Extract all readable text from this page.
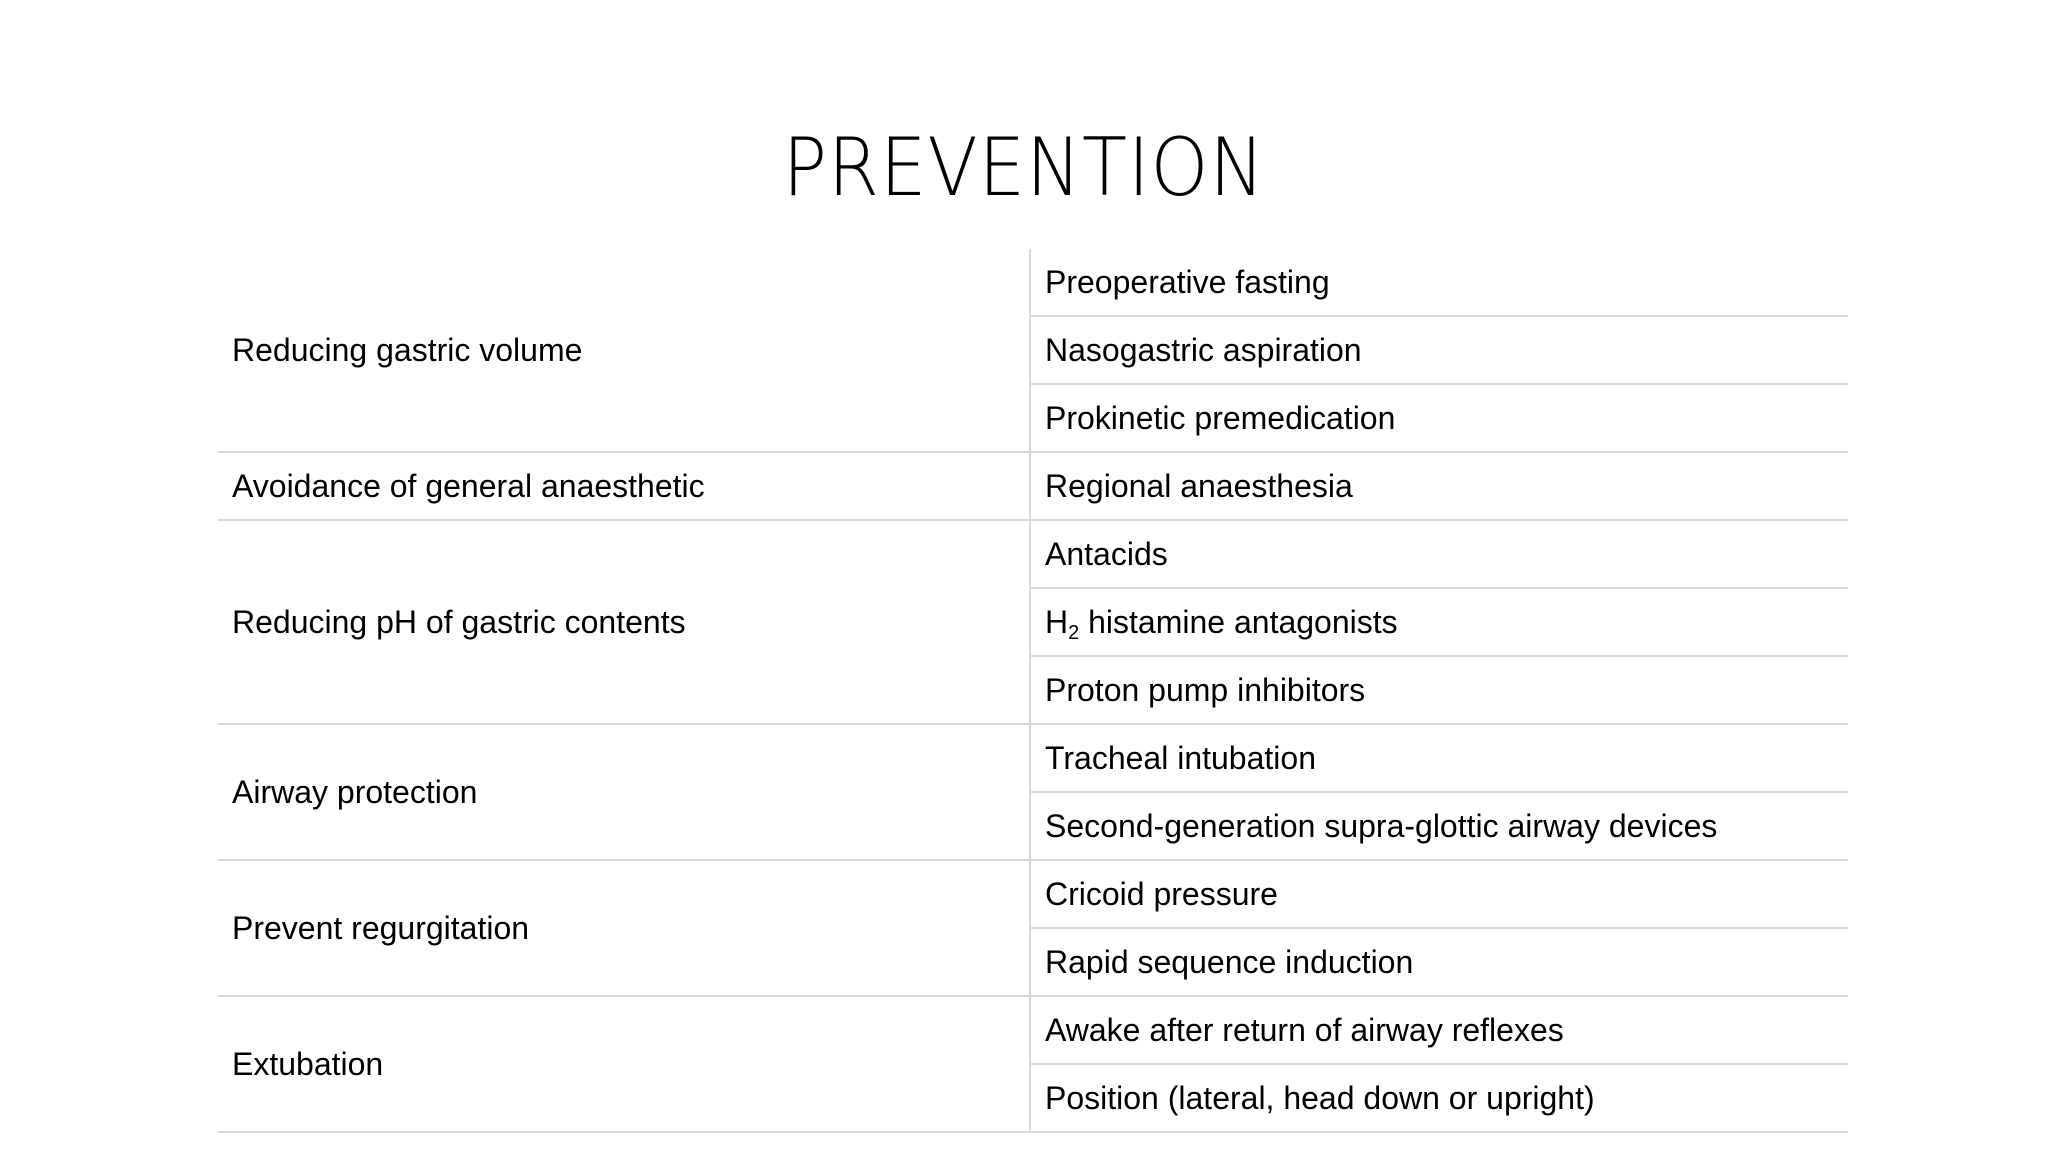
PREVENTION
Reducing gastric volume	Preoperative fasting
	Nasogastric aspiration
	Prokinetic premedication
Avoidance of general anaesthetic	Regional anaesthesia
Reducing pH of gastric contents	Antacids
	$H_2$ histamine antagonists
	Proton pump inhibitors
Airway protection	Tracheal intubation
	Second-generation supra-glottic airway devices
Prevent regurgitation	Cricoid pressure
	Rapid sequence induction
Extubation	Awake after return of airway reflexes
	Position (lateral, head down or upright)
